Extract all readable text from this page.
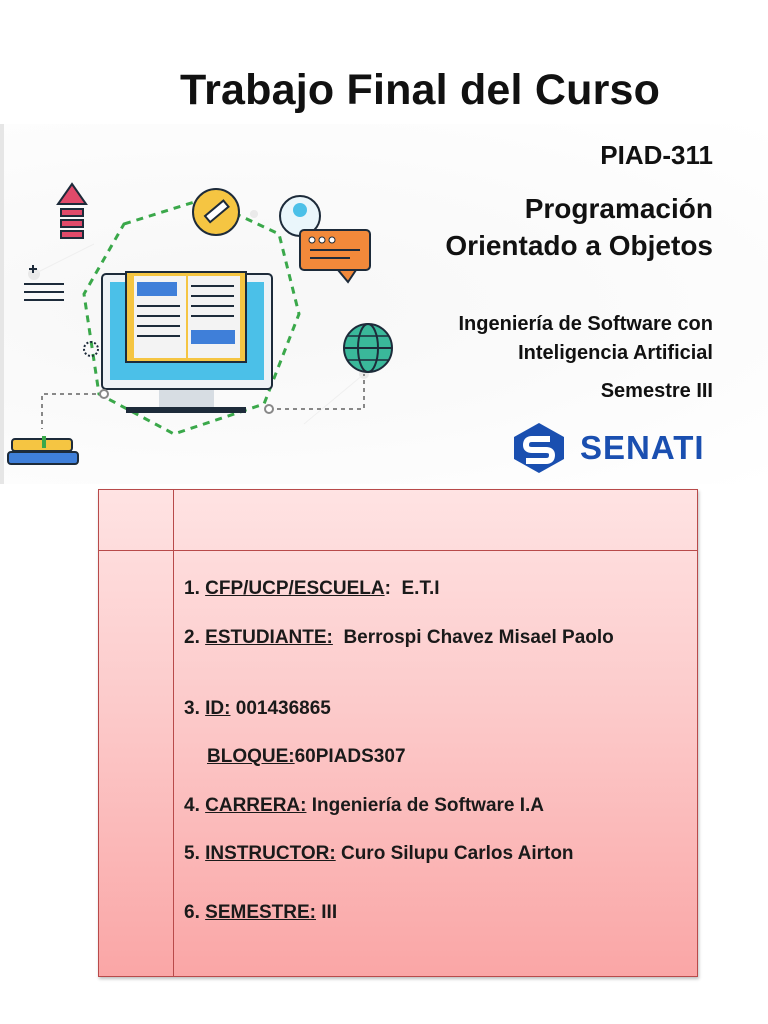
Trabajo Final del Curso
PIAD-311
Programación
Orientado a Objetos
Ingeniería de Software con
Inteligencia Artificial
Semestre III
SENATI
1. CFP/UCP/ESCUELA: E.T.I
2. ESTUDIANTE: Berrospi Chavez Misael Paolo
3. ID: 001436865
BLOQUE:60PIADS307
4. CARRERA: Ingeniería de Software I.A
5. INSTRUCTOR: Curo Silupu Carlos Airton
6. SEMESTRE: III
